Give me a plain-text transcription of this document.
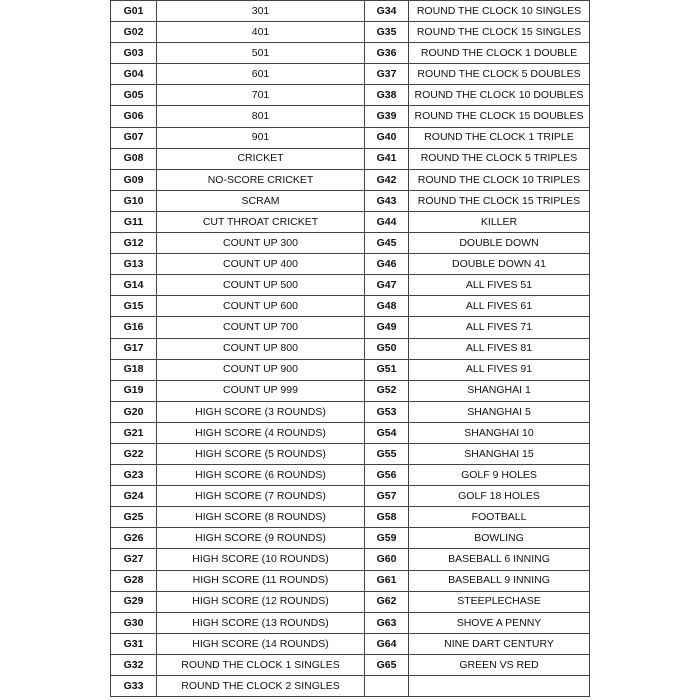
G01	301	G34	ROUND THE CLOCK 10 SINGLES
G02	401	G35	ROUND THE CLOCK 15 SINGLES
G03	501	G36	ROUND THE CLOCK 1 DOUBLE
G04	601	G37	ROUND THE CLOCK 5 DOUBLES
G05	701	G38	ROUND THE CLOCK 10 DOUBLES
G06	801	G39	ROUND THE CLOCK 15 DOUBLES
G07	901	G40	ROUND THE CLOCK 1 TRIPLE
G08	CRICKET	G41	ROUND THE CLOCK 5 TRIPLES
G09	NO-SCORE CRICKET	G42	ROUND THE CLOCK 10 TRIPLES
G10	SCRAM	G43	ROUND THE CLOCK 15 TRIPLES
G11	CUT THROAT CRICKET	G44	KILLER
G12	COUNT UP 300	G45	DOUBLE DOWN
G13	COUNT UP 400	G46	DOUBLE DOWN 41
G14	COUNT UP 500	G47	ALL FIVES 51
G15	COUNT UP 600	G48	ALL FIVES 61
G16	COUNT UP 700	G49	ALL FIVES 71
G17	COUNT UP 800	G50	ALL FIVES 81
G18	COUNT UP 900	G51	ALL FIVES 91
G19	COUNT UP 999	G52	SHANGHAI 1
G20	HIGH SCORE (3 ROUNDS)	G53	SHANGHAI 5
G21	HIGH SCORE (4 ROUNDS)	G54	SHANGHAI 10
G22	HIGH SCORE (5 ROUNDS)	G55	SHANGHAI 15
G23	HIGH SCORE (6 ROUNDS)	G56	GOLF 9 HOLES
G24	HIGH SCORE (7 ROUNDS)	G57	GOLF 18 HOLES
G25	HIGH SCORE (8 ROUNDS)	G58	FOOTBALL
G26	HIGH SCORE (9 ROUNDS)	G59	BOWLING
G27	HIGH SCORE (10 ROUNDS)	G60	BASEBALL 6 INNING
G28	HIGH SCORE (11 ROUNDS)	G61	BASEBALL 9 INNING
G29	HIGH SCORE (12 ROUNDS)	G62	STEEPLECHASE
G30	HIGH SCORE (13 ROUNDS)	G63	SHOVE A PENNY
G31	HIGH SCORE (14 ROUNDS)	G64	NINE DART CENTURY
G32	ROUND THE CLOCK 1 SINGLES	G65	GREEN VS RED
G33	ROUND THE CLOCK 2 SINGLES		
